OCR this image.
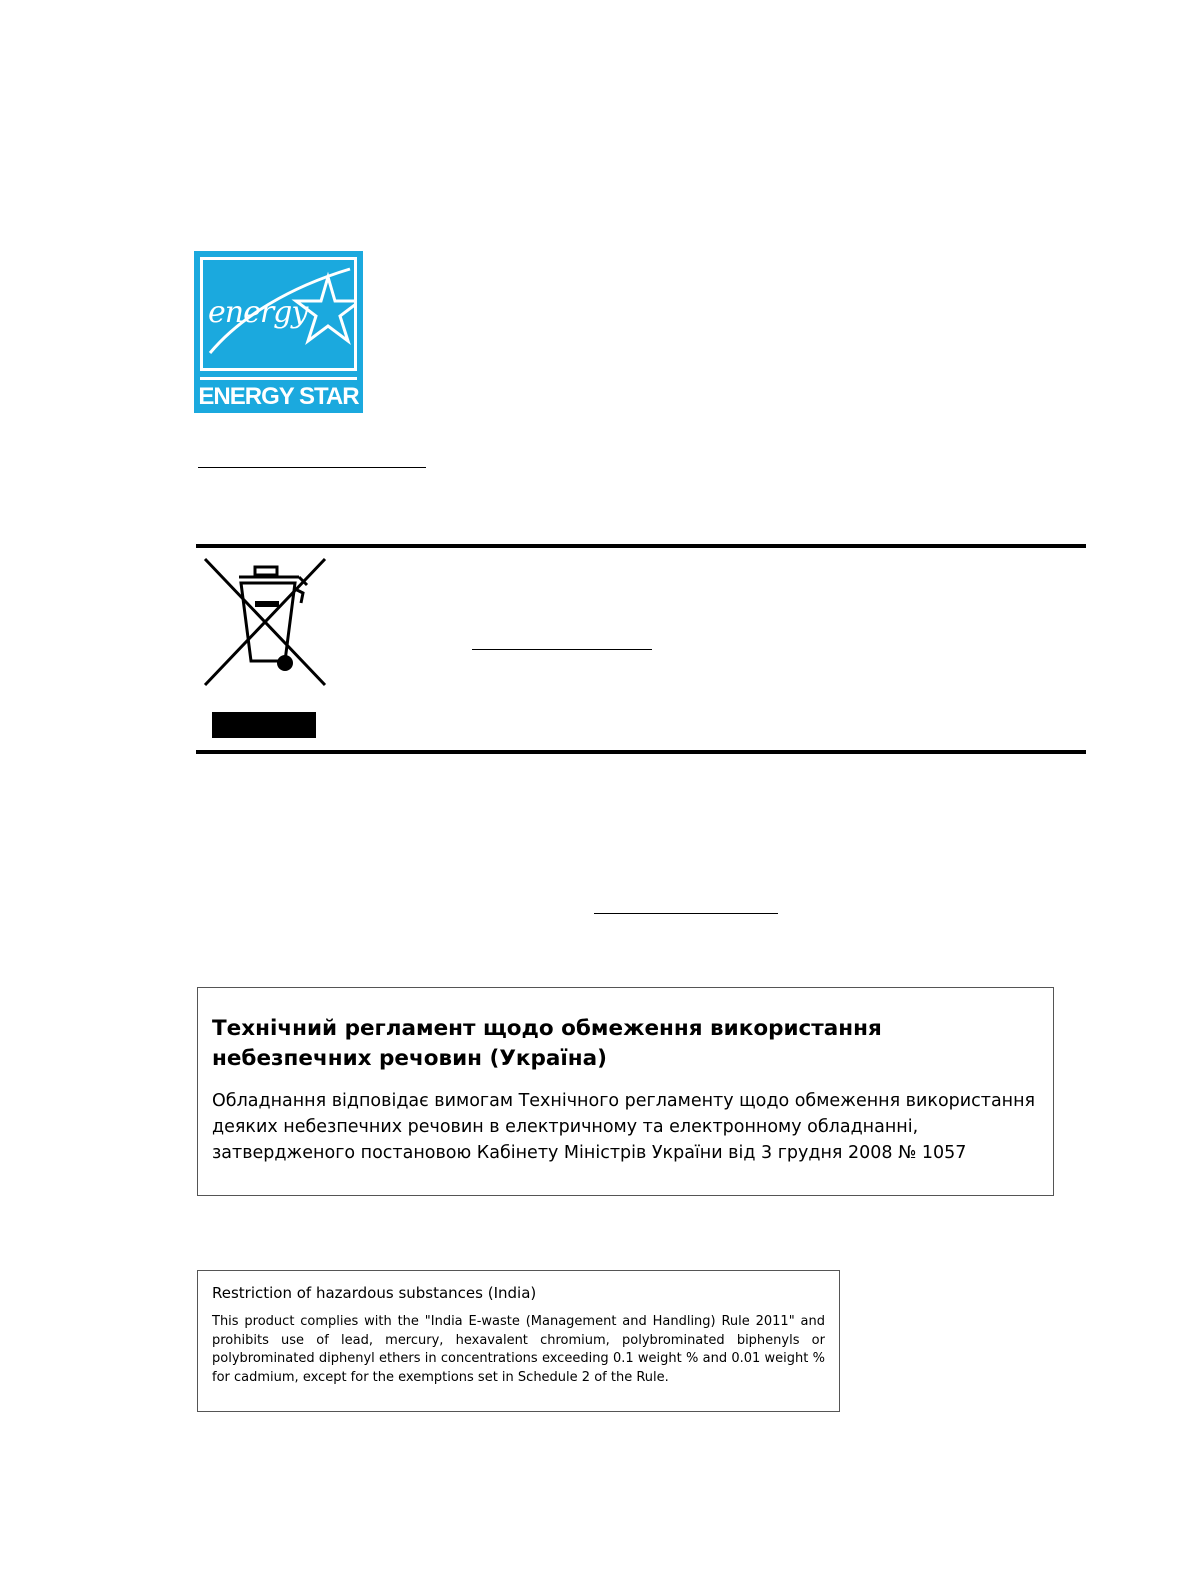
energy
ENERGY STAR

Технічний регламент щодо обмеження використання небезпечних речовин (Україна)

Обладнання відповідає вимогам Технічного регламенту щодо обмеження використання деяких небезпечних речовин в електричному та електронному обладнанні, затвердженого постановою Кабінету Міністрів України від 3 грудня 2008 № 1057

Restriction of hazardous substances (India)

This product complies with the "India E-waste (Management and Handling) Rule 2011" and prohibits use of lead, mercury, hexavalent chromium, polybrominated biphenyls or polybrominated diphenyl ethers in concentrations exceeding 0.1 weight % and 0.01 weight % for cadmium, except for the exemptions set in Schedule 2 of the Rule.
